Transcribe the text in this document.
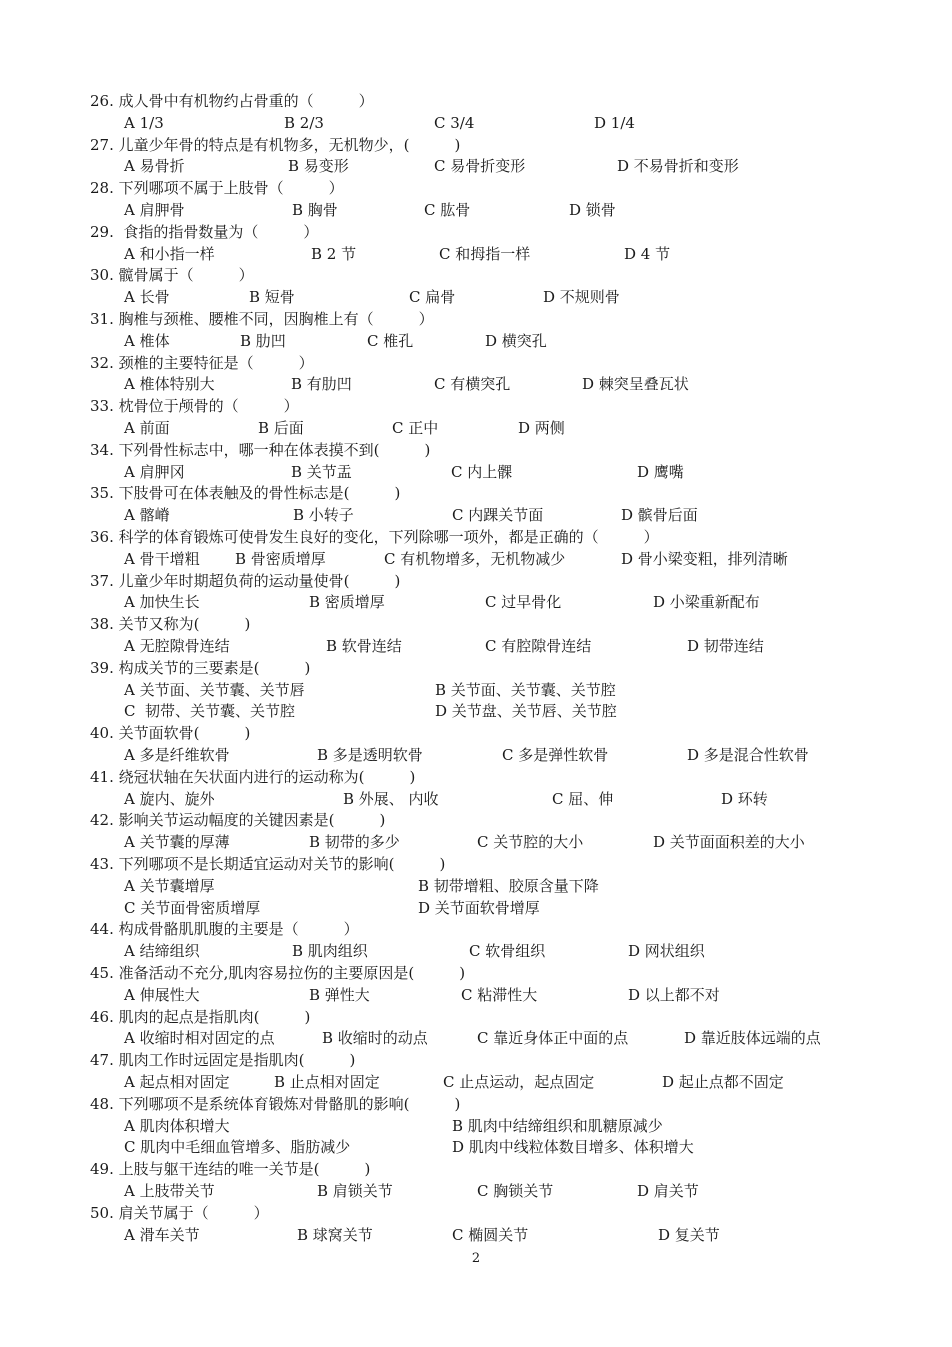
26. 成人骨中有机物约占骨重的（　　　）
A 1/3	B 2/3	C 3/4	D 1/4
27. 儿童少年骨的特点是有机物多，无机物少，(　　　)
A 易骨折	B 易变形	C 易骨折变形	D 不易骨折和变形
28. 下列哪项不属于上肢骨（　　　）
A 肩胛骨	B 胸骨	C 肱骨	D 锁骨
29.  食指的指骨数量为（　　　）
A 和小指一样	B 2 节	C 和拇指一样	D 4 节
30. 髋骨属于（　　　）
A 长骨	B 短骨	C 扁骨	D 不规则骨
31. 胸椎与颈椎、腰椎不同，因胸椎上有（　　　）
A 椎体	B 肋凹	C 椎孔	D 横突孔
32. 颈椎的主要特征是（　　　）
A 椎体特别大	B 有肋凹	C 有横突孔	D 棘突呈叠瓦状
33. 枕骨位于颅骨的（　　　）
A 前面	B 后面	C 正中	D 两侧
34. 下列骨性标志中，哪一种在体表摸不到(　　　)
A 肩胛冈	B 关节盂	C 内上髁	D 鹰嘴
35. 下肢骨可在体表触及的骨性标志是(　　　)
A 髂嵴	B 小转子	C 内踝关节面	D 髌骨后面
36. 科学的体育锻炼可使骨发生良好的变化，下列除哪一项外，都是正确的（　　　）
A 骨干增粗 B 骨密质增厚	C 有机物增多，无机物减少	D 骨小梁变粗，排列清晰
37. 儿童少年时期超负荷的运动量使骨(　　　)
A 加快生长	B 密质增厚	C 过早骨化	D 小梁重新配布
38. 关节又称为(　　　)
A 无腔隙骨连结	B 软骨连结	C 有腔隙骨连结	D 韧带连结
39. 构成关节的三要素是(　　　)
A 关节面、关节囊、关节唇	B 关节面、关节囊、关节腔
C  韧带、关节囊、关节腔	D 关节盘、关节唇、关节腔
40. 关节面软骨(　　　)
A 多是纤维软骨	B 多是透明软骨	C 多是弹性软骨	D 多是混合性软骨
41. 绕冠状轴在矢状面内进行的运动称为(　　　)
A 旋内、旋外	B 外展、 内收	C 屈、伸	D 环转
42. 影响关节运动幅度的关键因素是(　　　)
A 关节囊的厚薄	B 韧带的多少	C 关节腔的大小	D 关节面面积差的大小
43. 下列哪项不是长期适宜运动对关节的影响(　　　)
A 关节囊增厚	B 韧带增粗、胶原含量下降
C 关节面骨密质增厚	D 关节面软骨增厚
44. 构成骨骼肌肌腹的主要是（　　　）
A 结缔组织	B 肌肉组织	C 软骨组织	D 网状组织
45. 准备活动不充分,肌肉容易拉伤的主要原因是(　　　)
A 伸展性大	B 弹性大	C 粘滞性大	D 以上都不对
46. 肌肉的起点是指肌肉(　　　)
A 收缩时相对固定的点	B 收缩时的动点	C 靠近身体正中面的点	D 靠近肢体远端的点
47. 肌肉工作时远固定是指肌肉(　　　)
A 起点相对固定	B 止点相对固定	C 止点运动，起点固定	D 起止点都不固定
48. 下列哪项不是系统体育锻炼对骨骼肌的影响(　　　)
A 肌肉体积增大	B 肌肉中结缔组织和肌糖原减少
C 肌肉中毛细血管增多、脂肪减少	D 肌肉中线粒体数目增多、体积增大
49. 上肢与躯干连结的唯一关节是(　　　)
A 上肢带关节	B 肩锁关节	C 胸锁关节	D 肩关节
50. 肩关节属于（　　　）
A 滑车关节	B 球窝关节	C 椭圆关节	D 复关节
2
